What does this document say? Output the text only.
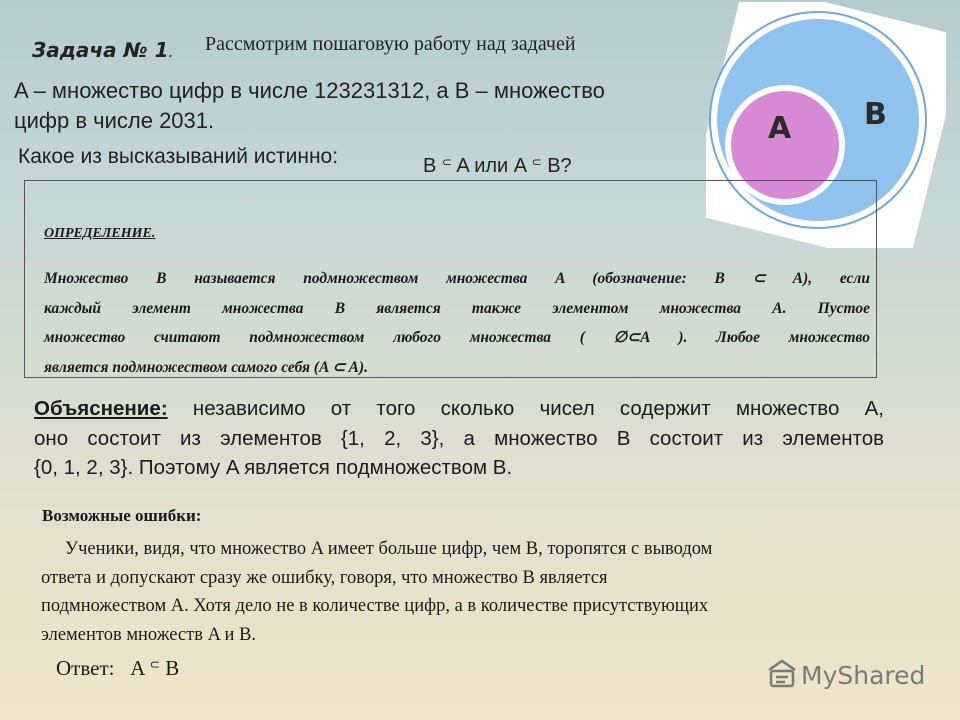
Задача № 1. Рассмотрим пошаговую работу над задачей
A – множество цифр в числе 123231312, а B – множество
цифр в числе 2031.
Какое из высказываний истинно:	B ⊂ A или A ⊂ B?
A B
ОПРЕДЕЛЕНИЕ.
Множество B называется подмножеством множества A (обозначение: B ⊂ A), если
каждый элемент множества B является также элементом множества A. Пустое
множество считают подмножеством любого множества ( ∅⊂A ). Любое множество
является подмножеством самого себя (A ⊂ A).
Объяснение: независимо от того сколько чисел содержит множество A,
оно состоит из элементов {1, 2, 3}, а множество B состоит из элементов
{0, 1, 2, 3}. Поэтому A является подмножеством B.
Возможные ошибки:
Ученики, видя, что множество A имеет больше цифр, чем B, торопятся с выводом
ответа и допускают сразу же ошибку, говоря, что множество B является
подмножеством A. Хотя дело не в количестве цифр, а в количестве присутствующих
элементов множеств A и B.
Ответ: A ⊂ B	MyShared
